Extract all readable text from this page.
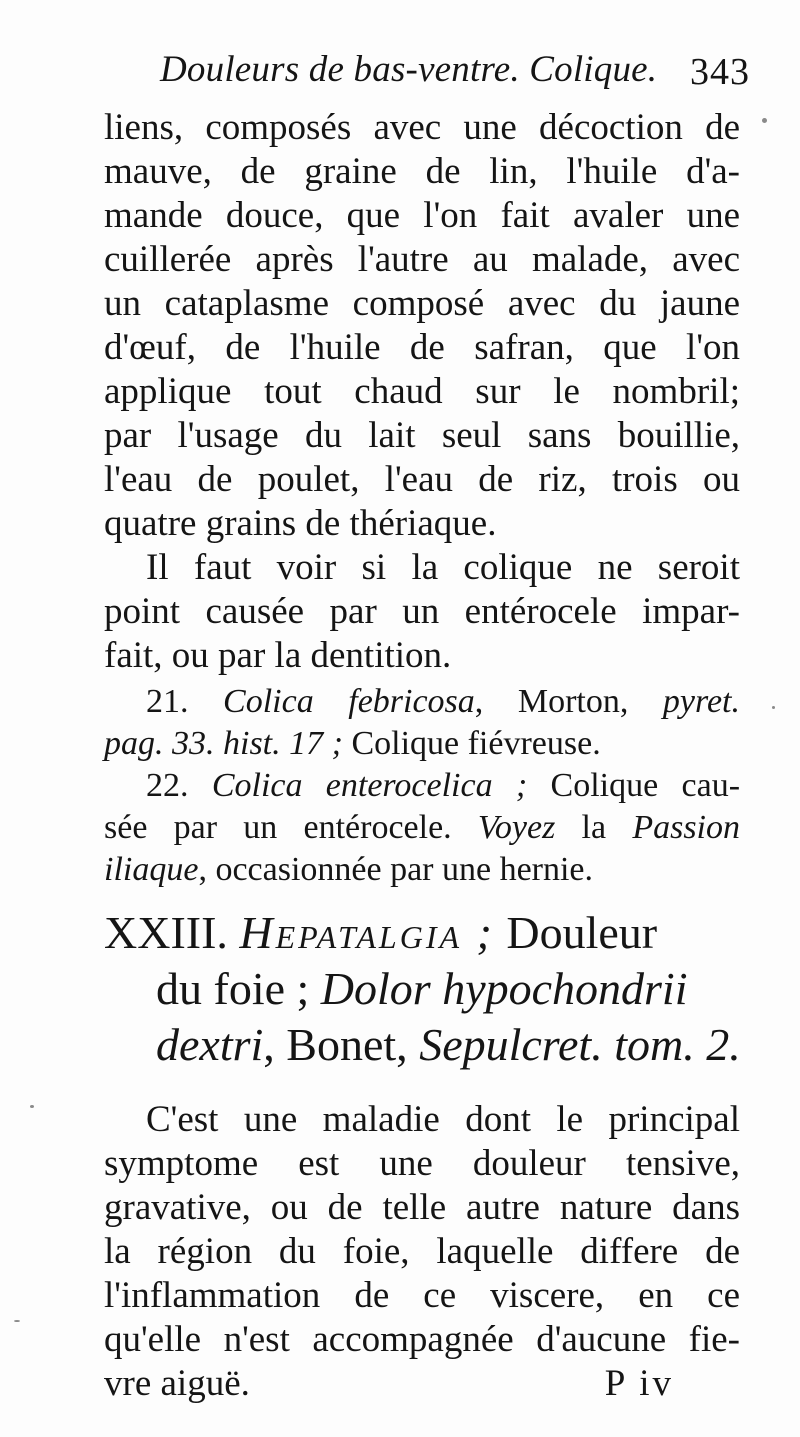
Douleurs de bas-ventre. Colique. 343
liens, composés avec une décoction de
mauve, de graine de lin, l'huile d'a-
mande douce, que l'on fait avaler une
cuillerée après l'autre au malade, avec
un cataplasme composé avec du jaune
d'œuf, de l'huile de safran, que l'on
applique tout chaud sur le nombril;
par l'usage du lait seul sans bouillie,
l'eau de poulet, l'eau de riz, trois ou
quatre grains de thériaque.
Il faut voir si la colique ne seroit
point causée par un entérocele impar-
fait, ou par la dentition.
21. Colica febricosa, Morton, pyret.
pag. 33. hist. 17 ; Colique fiévreuse.
22. Colica enterocelica ; Colique cau-
sée par un entérocele. Voyez la Passion
iliaque, occasionnée par une hernie.
XXIII. Hepatalgia ; Douleur
du foie ; Dolor hypochondrii
dextri, Bonet, Sepulcret. tom. 2.
C'est une maladie dont le principal
symptome est une douleur tensive,
gravative, ou de telle autre nature dans
la région du foie, laquelle differe de
l'inflammation de ce viscere, en ce
qu'elle n'est accompagnée d'aucune fie-
vre aiguë.	P iv
